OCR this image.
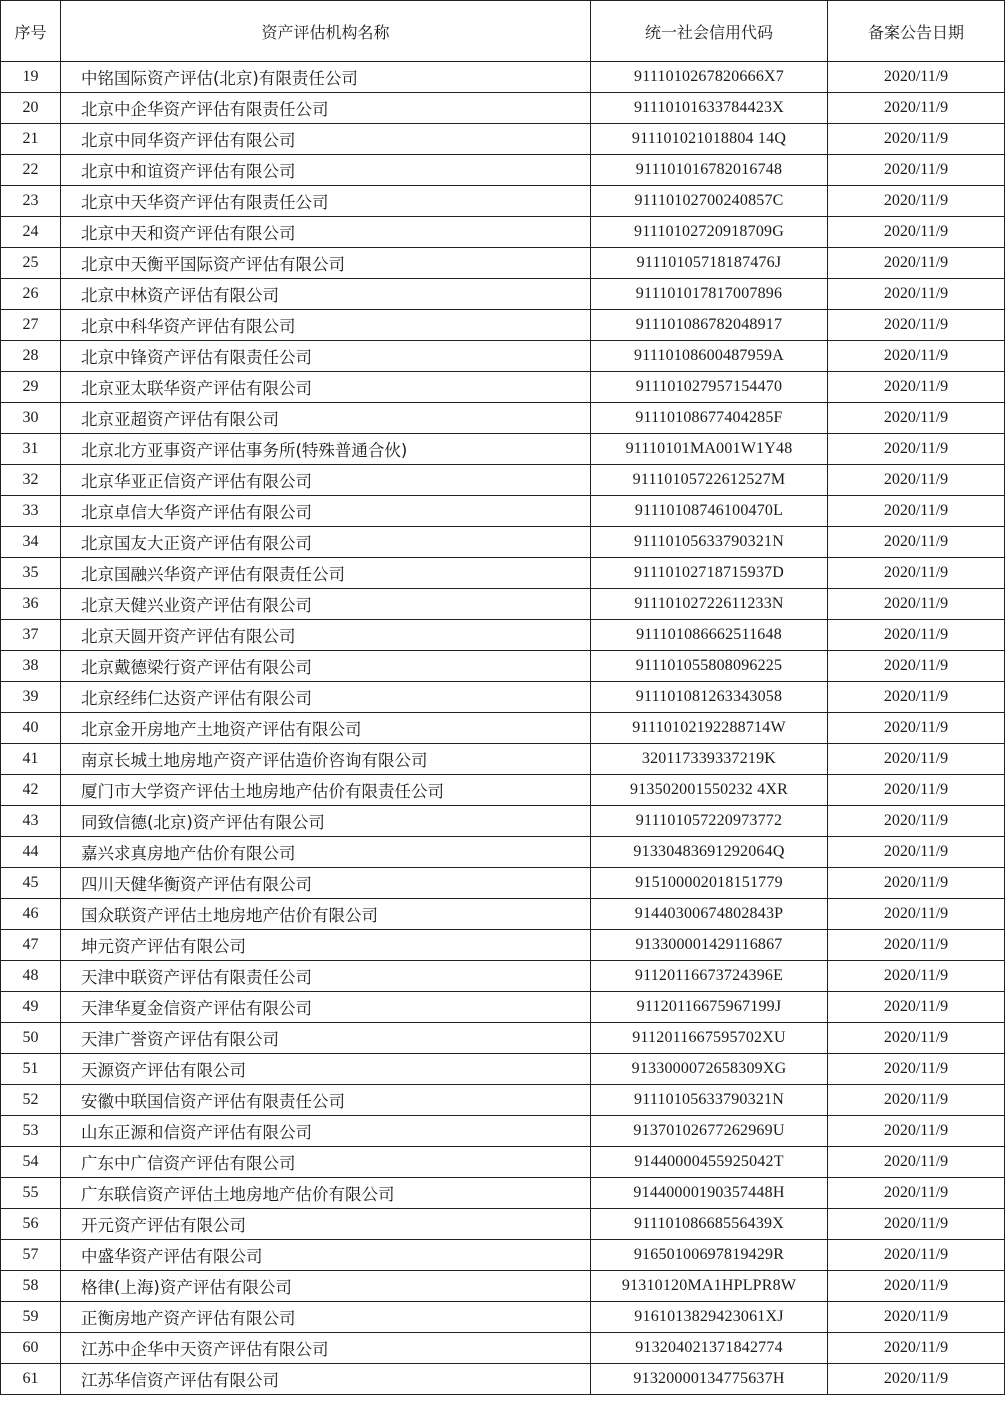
序号	资产评估机构名称	统一社会信用代码	备案公告日期
19	中铭国际资产评估(北京)有限责任公司	9111010267820666X7	2020/11/9
20	北京中企华资产评估有限责任公司	91110101633784423X	2020/11/9
21	北京中同华资产评估有限公司	911101021018804 14Q	2020/11/9
22	北京中和谊资产评估有限公司	911101016782016748	2020/11/9
23	北京中天华资产评估有限责任公司	91110102700240857C	2020/11/9
24	北京中天和资产评估有限公司	91110102720918709G	2020/11/9
25	北京中天衡平国际资产评估有限公司	91110105718187476J	2020/11/9
26	北京中林资产评估有限公司	911101017817007896	2020/11/9
27	北京中科华资产评估有限公司	911101086782048917	2020/11/9
28	北京中锋资产评估有限责任公司	91110108600487959A	2020/11/9
29	北京亚太联华资产评估有限公司	911101027957154470	2020/11/9
30	北京亚超资产评估有限公司	91110108677404285F	2020/11/9
31	北京北方亚事资产评估事务所(特殊普通合伙)	91110101MA001W1Y48	2020/11/9
32	北京华亚正信资产评估有限公司	91110105722612527M	2020/11/9
33	北京卓信大华资产评估有限公司	91110108746100470L	2020/11/9
34	北京国友大正资产评估有限公司	91110105633790321N	2020/11/9
35	北京国融兴华资产评估有限责任公司	91110102718715937D	2020/11/9
36	北京天健兴业资产评估有限公司	91110102722611233N	2020/11/9
37	北京天圆开资产评估有限公司	911101086662511648	2020/11/9
38	北京戴德梁行资产评估有限公司	911101055808096225	2020/11/9
39	北京经纬仁达资产评估有限公司	911101081263343058	2020/11/9
40	北京金开房地产土地资产评估有限公司	91110102192288714W	2020/11/9
41	南京长城土地房地产资产评估造价咨询有限公司	320117339337219K	2020/11/9
42	厦门市大学资产评估土地房地产估价有限责任公司	913502001550232 4XR	2020/11/9
43	同致信德(北京)资产评估有限公司	911101057220973772	2020/11/9
44	嘉兴求真房地产估价有限公司	91330483691292064Q	2020/11/9
45	四川天健华衡资产评估有限公司	915100002018151779	2020/11/9
46	国众联资产评估土地房地产估价有限公司	91440300674802843P	2020/11/9
47	坤元资产评估有限公司	913300001429116867	2020/11/9
48	天津中联资产评估有限责任公司	91120116673724396E	2020/11/9
49	天津华夏金信资产评估有限公司	91120116675967199J	2020/11/9
50	天津广誉资产评估有限公司	9112011667595702XU	2020/11/9
51	天源资产评估有限公司	9133000072658309XG	2020/11/9
52	安徽中联国信资产评估有限责任公司	91110105633790321N	2020/11/9
53	山东正源和信资产评估有限公司	91370102677262969U	2020/11/9
54	广东中广信资产评估有限公司	91440000455925042T	2020/11/9
55	广东联信资产评估土地房地产估价有限公司	91440000190357448H	2020/11/9
56	开元资产评估有限公司	91110108668556439X	2020/11/9
57	中盛华资产评估有限公司	91650100697819429R	2020/11/9
58	格律(上海)资产评估有限公司	91310120MA1HPLPR8W	2020/11/9
59	正衡房地产资产评估有限公司	9161013829423061XJ	2020/11/9
60	江苏中企华中天资产评估有限公司	913204021371842774	2020/11/9
61	江苏华信资产评估有限公司	91320000134775637H	2020/11/9
